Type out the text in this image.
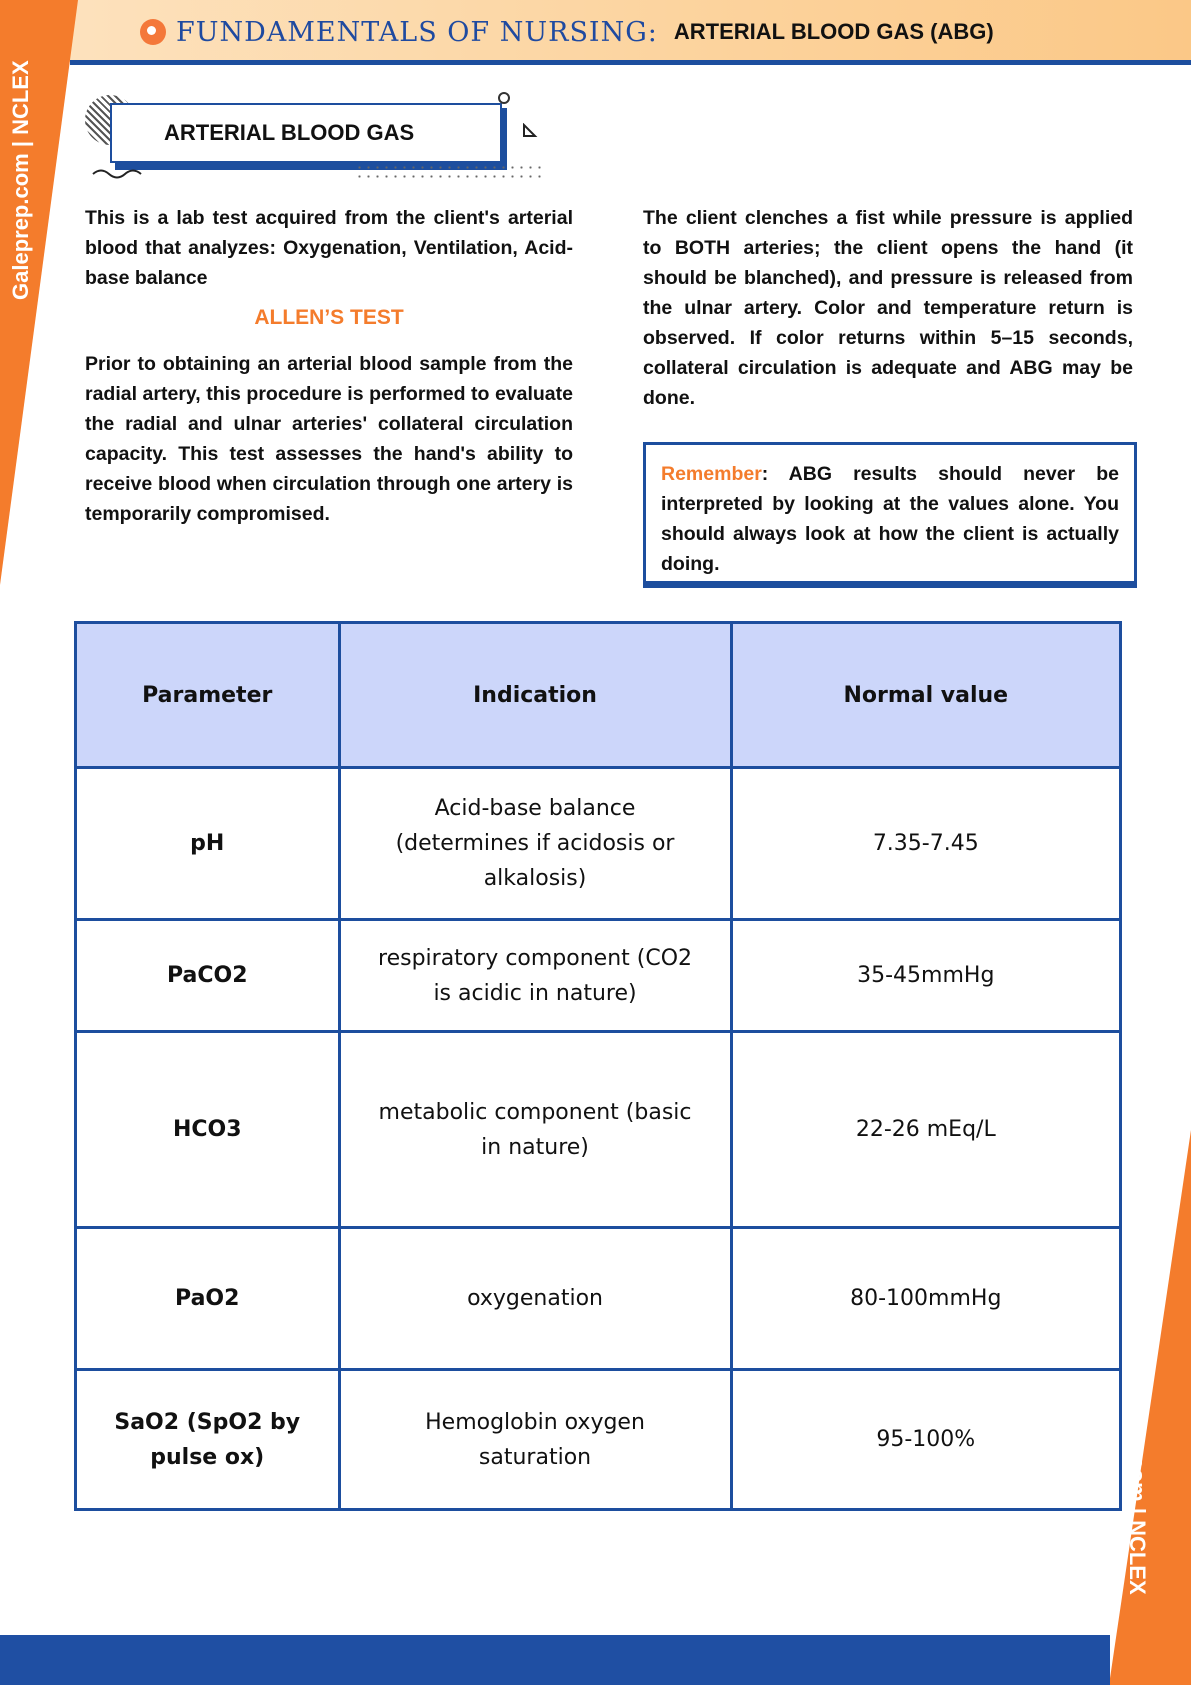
FUNDAMENTALS OF NURSING: ARTERIAL BLOOD GAS (ABG)
Galeprep.com | NCLEX
Galeprep.com | NCLEX
ARTERIAL BLOOD GAS

This is a lab test acquired from the client's arterial blood that analyzes: Oxygenation, Ventilation, Acid-base balance

ALLEN’S TEST

Prior to obtaining an arterial blood sample from the radial artery, this procedure is performed to evaluate the radial and ulnar arteries' collateral circulation capacity. This test assesses the hand's ability to receive blood when circulation through one artery is temporarily compromised.

The client clenches a fist while pressure is applied to BOTH arteries; the client opens the hand (it should be blanched), and pressure is released from the ulnar artery. Color and temperature return is observed. If color returns within 5–15 seconds, collateral circulation is adequate and ABG may be done.

Remember: ABG results should never be interpreted by looking at the values alone. You should always look at how the client is actually doing.
Parameter	Indication	Normal value
pH	Acid-base balance (determines if acidosis or alkalosis)	7.35-7.45
PaCO2	respiratory component (CO2 is acidic in nature)	35-45mmHg
HCO3	metabolic component (basic in nature)	22-26 mEq/L
PaO2	oxygenation	80-100mmHg
SaO2 (SpO2 by pulse ox)	Hemoglobin oxygen saturation	95-100%
